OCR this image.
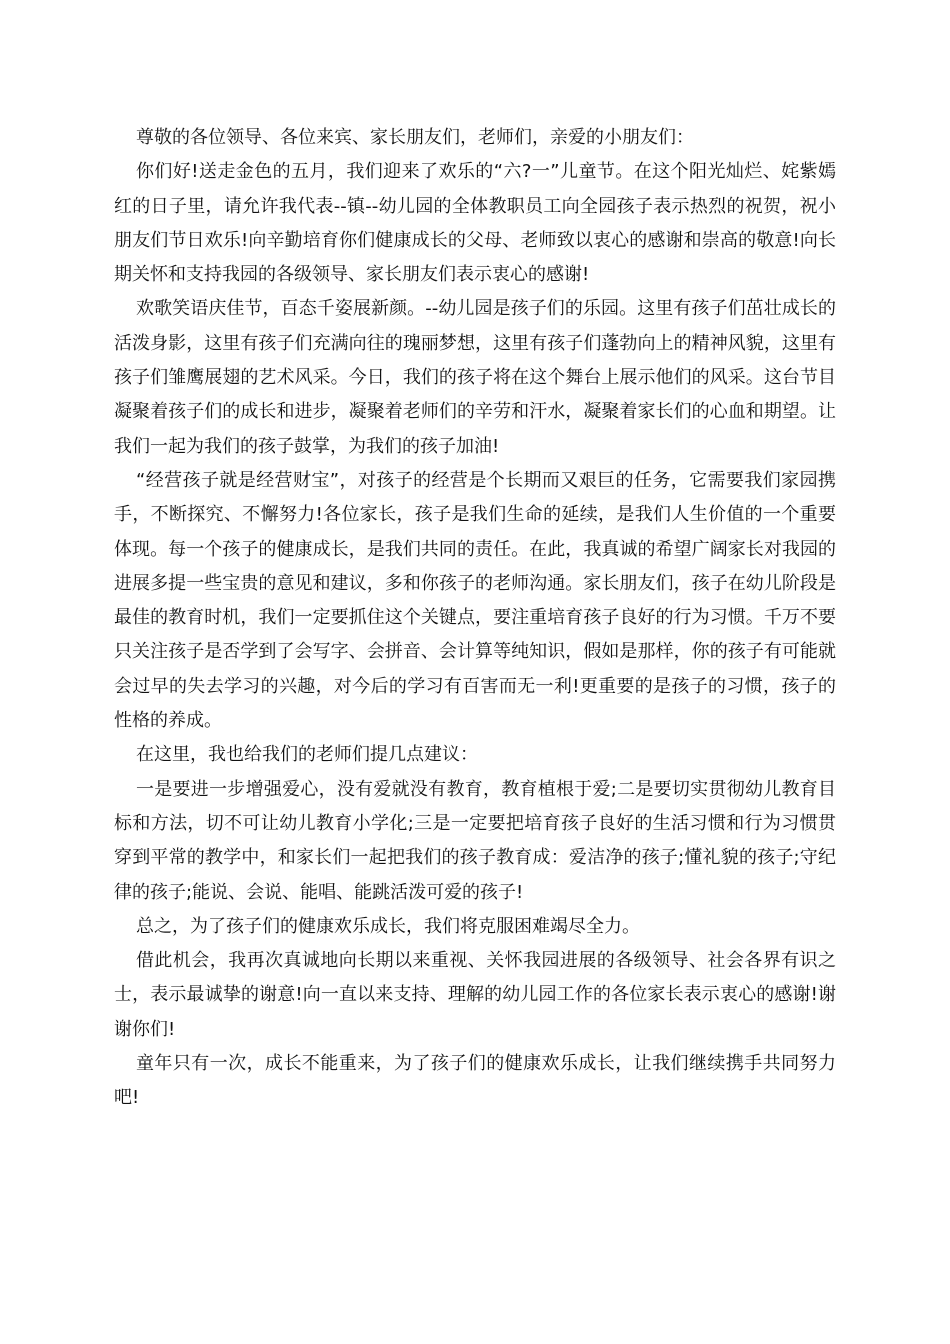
尊敬的各位领导、各位来宾、家长朋友们，老师们，亲爱的小朋友们：

你们好!送走金色的五月，我们迎来了欢乐的“六?一”儿童节。在这个阳光灿烂、姹紫嫣红的日子里，请允许我代表--镇--幼儿园的全体教职员工向全园孩子表示热烈的祝贺，祝小朋友们节日欢乐!向辛勤培育你们健康成长的父母、老师致以衷心的感谢和崇高的敬意!向长期关怀和支持我园的各级领导、家长朋友们表示衷心的感谢!

欢歌笑语庆佳节，百态千姿展新颜。--幼儿园是孩子们的乐园。这里有孩子们茁壮成长的活泼身影，这里有孩子们充满向往的瑰丽梦想，这里有孩子们蓬勃向上的精神风貌，这里有孩子们雏鹰展翅的艺术风采。今日，我们的孩子将在这个舞台上展示他们的风采。这台节目凝聚着孩子们的成长和进步，凝聚着老师们的辛劳和汗水，凝聚着家长们的心血和期望。让我们一起为我们的孩子鼓掌，为我们的孩子加油!

“经营孩子就是经营财宝”，对孩子的经营是个长期而又艰巨的任务，它需要我们家园携手，不断探究、不懈努力!各位家长，孩子是我们生命的延续，是我们人生价值的一个重要体现。每一个孩子的健康成长，是我们共同的责任。在此，我真诚的希望广阔家长对我园的进展多提一些宝贵的意见和建议，多和你孩子的老师沟通。家长朋友们，孩子在幼儿阶段是最佳的教育时机，我们一定要抓住这个关键点，要注重培育孩子良好的行为习惯。千万不要只关注孩子是否学到了会写字、会拼音、会计算等纯知识，假如是那样，你的孩子有可能就会过早的失去学习的兴趣，对今后的学习有百害而无一利!更重要的是孩子的习惯，孩子的性格的养成。

在这里，我也给我们的老师们提几点建议：

一是要进一步增强爱心，没有爱就没有教育，教育植根于爱;二是要切实贯彻幼儿教育目标和方法，切不可让幼儿教育小学化;三是一定要把培育孩子良好的生活习惯和行为习惯贯穿到平常的教学中，和家长们一起把我们的孩子教育成：爱洁净的孩子;懂礼貌的孩子;守纪律的孩子;能说、会说、能唱、能跳活泼可爱的孩子!

总之，为了孩子们的健康欢乐成长，我们将克服困难竭尽全力。

借此机会，我再次真诚地向长期以来重视、关怀我园进展的各级领导、社会各界有识之士，表示最诚挚的谢意!向一直以来支持、理解的幼儿园工作的各位家长表示衷心的感谢!谢谢你们!

童年只有一次，成长不能重来，为了孩子们的健康欢乐成长，让我们继续携手共同努力吧!
